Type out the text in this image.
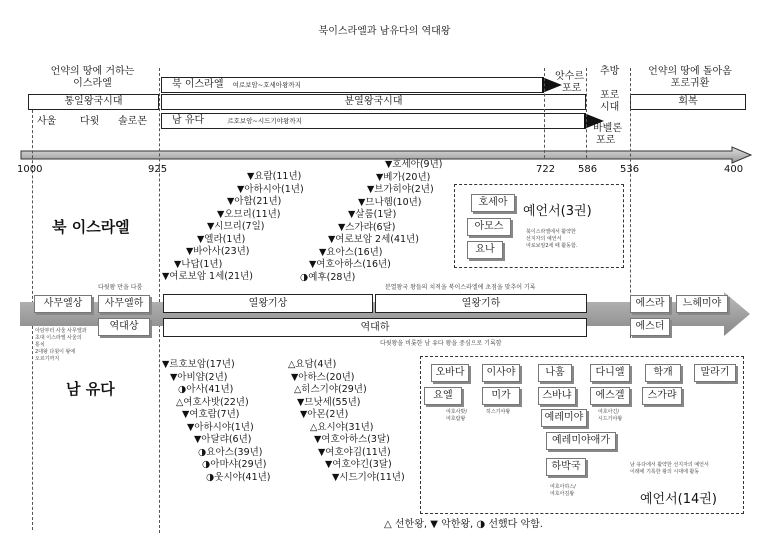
북이스라엘과 남유다의 역대왕
언약의 땅에 거하는
이스라엘
앗수르
포로
추방
포로
시대
바벨론
포로
언약의 땅에 돌아옴
포로귀환
통일왕국시대
북 이스라엘 여로보암~호세아왕까지
분열왕국시대
남 유다	르호보암~시드기야왕까지
회복
사울 다윗 솔로몬
1000	925	722 586 536	400
북 이스라엘
남 유다
▼요람(11년)
▼아하시아(1년)
▼아합(21년)
▼오므리(11년)
▼시므리(7일)
▼엘라(1년)
▼바아사(23년)
▼나답(1년)
▼여로보암 1세(21년)
▼호세아(9년)
▼베가(20년)
▼브가히야(2년)
▼므나헴(10년)
▼살룸(1달)
▼스가랴(6달)
▼여로보암 2세(41년)
▼요아스(16년)
▼여호아하스(16년)
◑예후(28년)
호세아
아모스
요나
예언서(3권)
북이스라엘에서 활약한
선지자의 예언서
여로보암2세 때 활동함.
다윗왕 만을 다룸	분열왕국 왕들의 치적을 북이스라엘에 초점을 맞추어 기록
사무엘상	사무엘하
역대상
열왕기상	열왕기하
역대하
에스라	느헤미야
에스더
다윗왕을 비롯한 남 유다 왕을 중심으로 기록함
아담부터 사울 사무엘과
초대 이스라엘 사울의
통치
2대왕 다윗이 왕에
오르기까지	▼르호보암(17년)
▼아비얌(2년)
◑아사(41년)
△여호사밧(22년)
▼여호람(7년)
▼아하시야(1년)
▼아달랴(6년)
◑요아스(39년)
◑아마샤(29년)
◑웃시야(41년)
△요담(4년)
▼아하스(20년)
△히스기야(29년)
▼므낫세(55년)
▼아몬(2년)
△요시야(31년)
▼여호아하스(3달)
▼여호야김(11년)
▼여호야긴(3달)
▼시드기야(11년)
오바다
요엘
여호사밧/
여호람왕
이사야
미가
히스기야왕
나훔
스바냐
예레미야
예레미야애가
하박국
여호아하스/
여호아김왕
다니엘
에스겔
여호아긴/
시드기야왕
학개
스가랴
말라기
남 유다에서 활약한 선지자의 예언서
이래에 기록한 왕의 시대에 활동
예언서(14권)
△ 선한왕, ▼ 악한왕, ◑ 선했다 악함.
